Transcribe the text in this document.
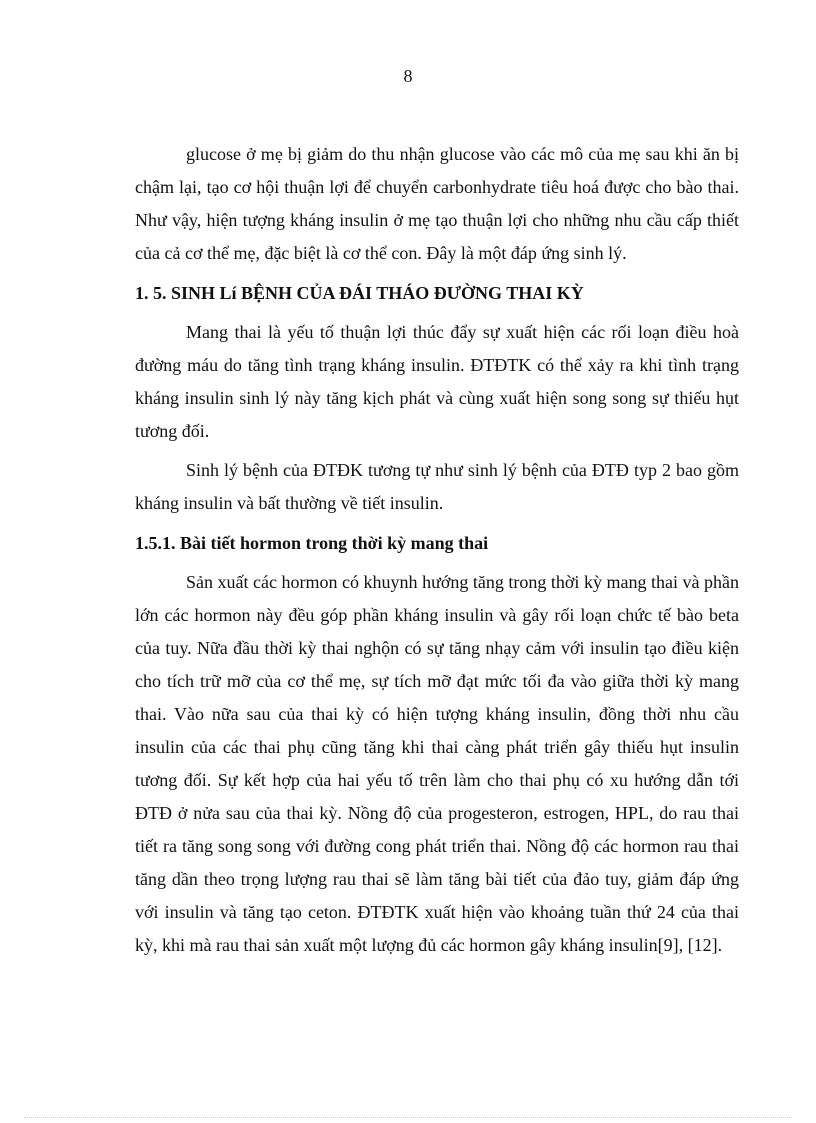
8

glucose ở mẹ bị giảm do thu nhận glucose vào các mô của mẹ sau khi ăn bị chậm lại, tạo cơ hội thuận lợi để chuyển carbonhydrate tiêu hoá được cho bào thai. Như vậy, hiện tượng kháng insulin ở mẹ tạo thuận lợi cho những nhu cầu cấp thiết của cả cơ thể mẹ, đặc biệt là cơ thể con. Đây là một đáp ứng sinh lý.

1. 5. SINH Lí BỆNH CỦA ĐÁI THÁO ĐƯỜNG THAI KỲ

Mang thai là yếu tố thuận lợi thúc đẩy sự xuất hiện các rối loạn điều hoà đường máu do tăng tình trạng kháng insulin. ĐTĐTK có thể xảy ra khi tình trạng kháng insulin sinh lý này tăng kịch phát và cùng xuất hiện song song sự thiếu hụt tương đối.

Sinh lý bệnh của ĐTĐK tương tự như sinh lý bệnh của ĐTĐ typ 2 bao gồm kháng insulin và bất thường về tiết insulin.

1.5.1. Bài tiết hormon trong thời kỳ mang thai

Sản xuất các hormon có khuynh hướng tăng trong thời kỳ mang thai và phần lớn các hormon này đều góp phần kháng insulin và gây rối loạn chức tế bào beta của tuy. Nữa đầu thời kỳ thai nghộn có sự tăng nhạy cảm với insulin tạo điều kiện cho tích trữ mỡ của cơ thể mẹ, sự tích mỡ đạt mức tối đa vào giữa thời kỳ mang thai. Vào nữa sau của thai kỳ có hiện tượng kháng insulin, đồng thời nhu cầu insulin của các thai phụ cũng tăng khi thai càng phát triển gây thiếu hụt insulin tương đối. Sự kết hợp của hai yếu tố trên làm cho thai phụ có xu hướng dẫn tới ĐTĐ ở nửa sau của thai kỳ. Nồng độ của progesteron, estrogen, HPL, do rau thai tiết ra tăng song song với đường cong phát triển thai. Nồng độ các hormon rau thai tăng dần theo trọng lượng rau thai sẽ làm tăng bài tiết của đảo tuy, giảm đáp ứng với insulin và tăng tạo ceton. ĐTĐTK xuất hiện vào khoảng tuần thứ 24 của thai kỳ, khi mà rau thai sản xuất một lượng đủ các hormon gây kháng insulin[9], [12].
